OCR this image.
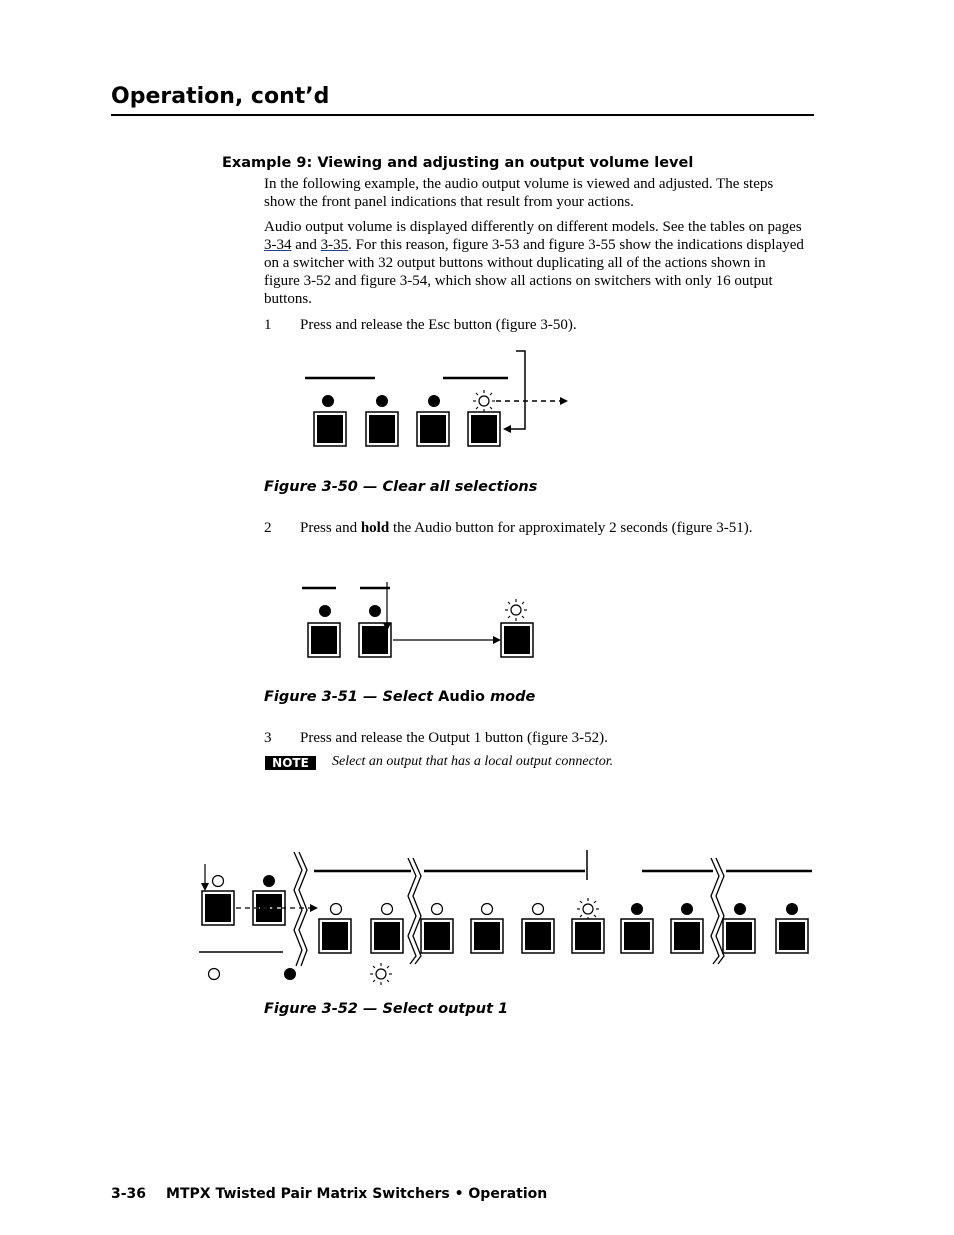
Operation, cont’d
Example 9: Viewing and adjusting an output volume level
In the following example, the audio output volume is viewed and adjusted. The steps show the front panel indications that result from your actions.
Audio output volume is displayed differently on different models. See the tables on pages 3-34 and 3-35. For this reason, figure 3-53 and figure 3-55 show the indications displayed on a switcher with 32 output buttons without duplicating all of the actions shown in figure 3-52 and figure 3-54, which show all actions on switchers with only 16 output buttons.
1 Press and release the Esc button (figure 3-50).
Figure 3-50 — Clear all selections
2 Press and hold the Audio button for approximately 2 seconds (figure 3-51).
Figure 3-51 — Select Audio mode
3 Press and release the Output 1 button (figure 3-52).
NOTE	Select an output that has a local output connector.
Figure 3-52 — Select output 1
3-36 MTPX Twisted Pair Matrix Switchers • Operation
